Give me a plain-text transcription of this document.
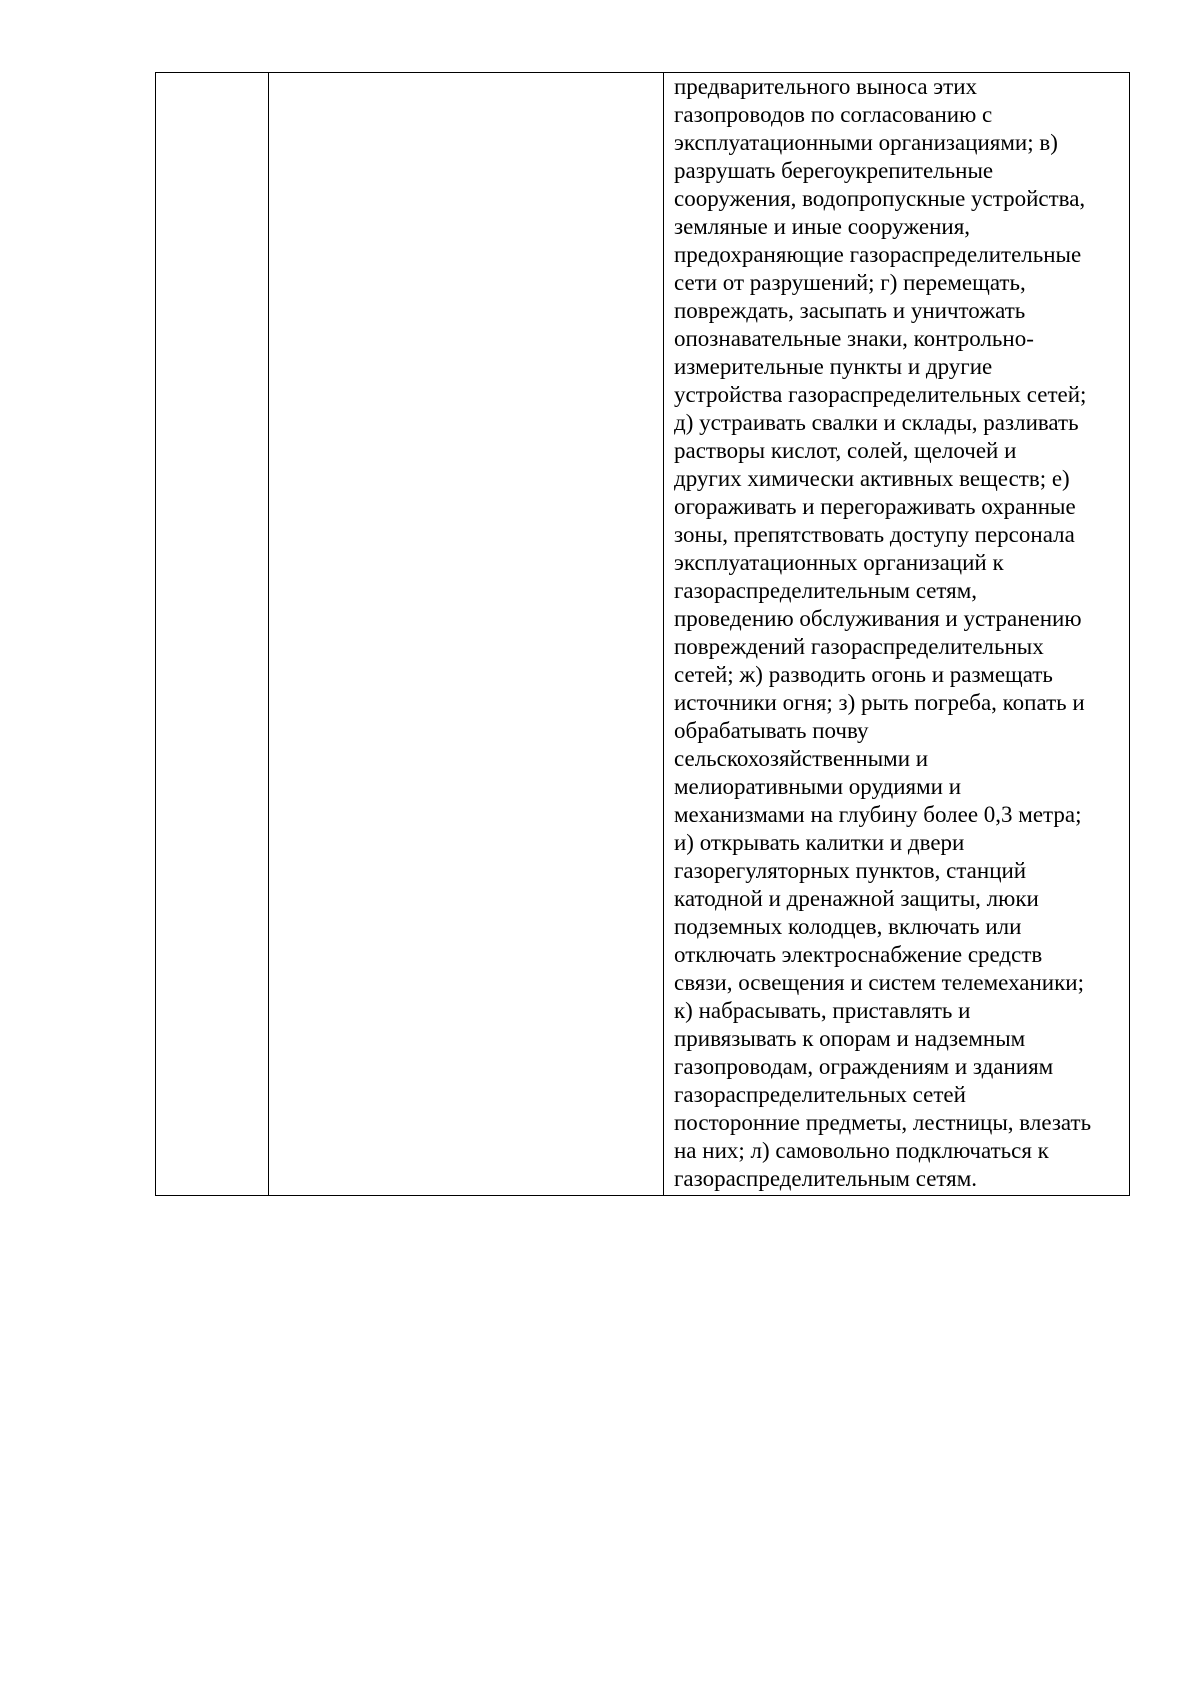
предварительного выноса этих
газопроводов по согласованию с
эксплуатационными организациями; в)
разрушать берегоукрепительные
сооружения, водопропускные устройства,
земляные и иные сооружения,
предохраняющие газораспределительные
сети от разрушений; г) перемещать,
повреждать, засыпать и уничтожать
опознавательные знаки, контрольно-
измерительные пункты и другие
устройства газораспределительных сетей;
д) устраивать свалки и склады, разливать
растворы кислот, солей, щелочей и
других химически активных веществ; е)
огораживать и перегораживать охранные
зоны, препятствовать доступу персонала
эксплуатационных организаций к
газораспределительным сетям,
проведению обслуживания и устранению
повреждений газораспределительных
сетей; ж) разводить огонь и размещать
источники огня; з) рыть погреба, копать и
обрабатывать почву
сельскохозяйственными и
мелиоративными орудиями и
механизмами на глубину более 0,3 метра;
и) открывать калитки и двери
газорегуляторных пунктов, станций
катодной и дренажной защиты, люки
подземных колодцев, включать или
отключать электроснабжение средств
связи, освещения и систем телемеханики;
к) набрасывать, приставлять и
привязывать к опорам и надземным
газопроводам, ограждениям и зданиям
газораспределительных сетей
посторонние предметы, лестницы, влезать
на них; л) самовольно подключаться к
газораспределительным сетям.
